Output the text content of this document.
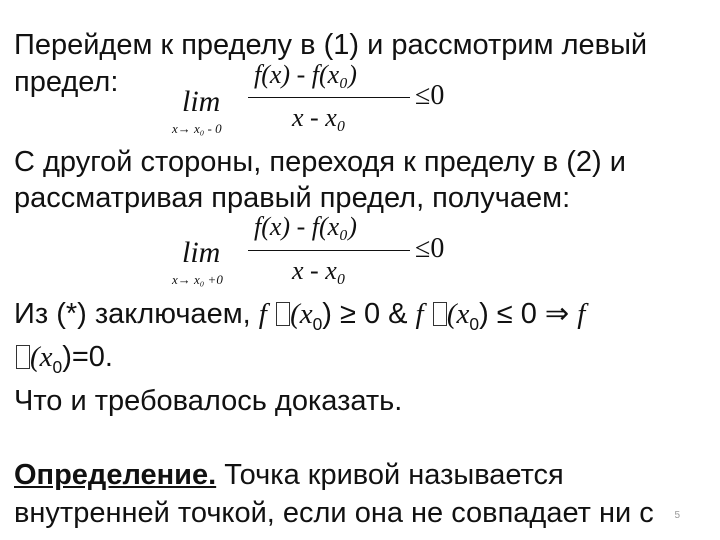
Перейдем к пределу в (1) и рассмотрим левый
предел:
lim
x→ x₀ - 0
f(x) - f(x₀)
x - x₀
≤0
С другой стороны, переходя к пределу в (2) и
рассматривая правый предел, получаем:
lim
x→ x₀ +0
f(x) - f(x₀)
x - x₀
≤0
Из (*) заключаем, f $(x_0) \ge 0$ & f $(x_0) \le 0$ ⇒ f
$(x_0)=0$.
Что и требовалось доказать.
Определение. Точка кривой называется
внутренней точкой, если она не совпадает ни с 5
